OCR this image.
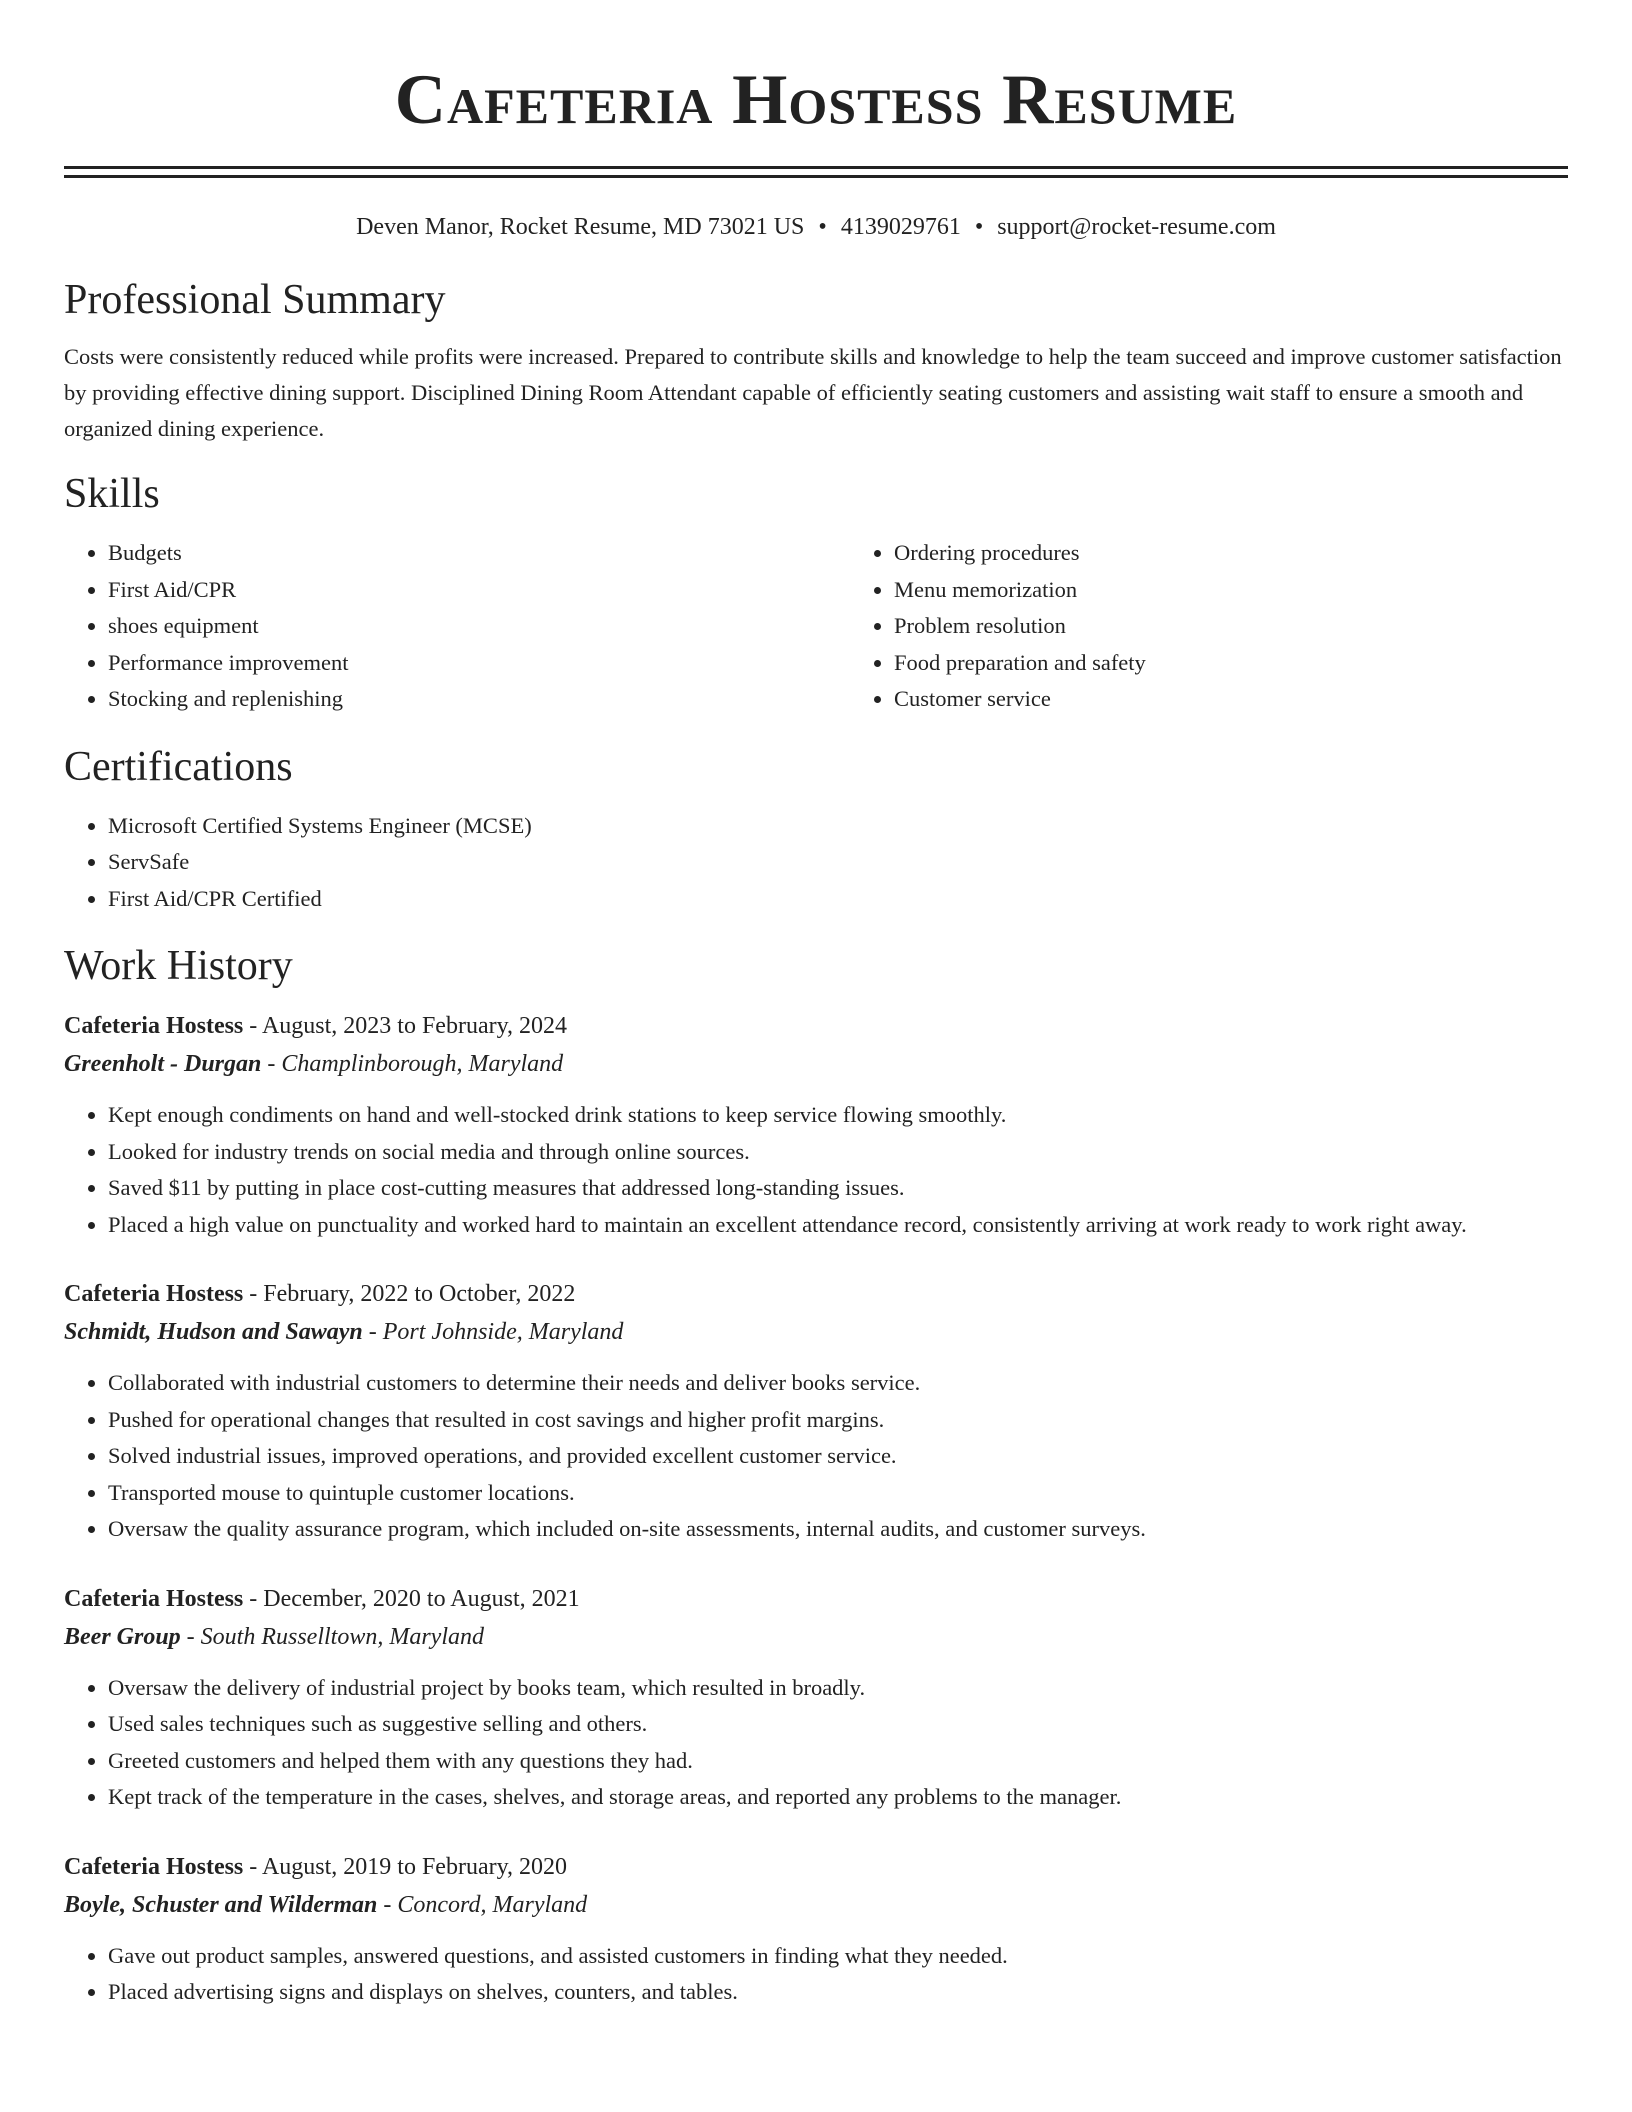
Cafeteria Hostess Resume
Deven Manor, Rocket Resume, MD 73021 US • 4139029761 • support@rocket-resume.com
Professional Summary

Costs were consistently reduced while profits were increased. Prepared to contribute skills and knowledge to help the team succeed and improve customer satisfaction by providing effective dining support. Disciplined Dining Room Attendant capable of efficiently seating customers and assisting wait staff to ensure a smooth and organized dining experience.

Skills
• Budgets
• First Aid/CPR
• shoes equipment
• Performance improvement
• Stocking and replenishing
• Ordering procedures
• Menu memorization
• Problem resolution
• Food preparation and safety
• Customer service
Certifications
• Microsoft Certified Systems Engineer (MCSE)
• ServSafe
• First Aid/CPR Certified
Work History
Cafeteria Hostess - August, 2023 to February, 2024
Greenholt - Durgan - Champlinborough, Maryland
• Kept enough condiments on hand and well-stocked drink stations to keep service flowing smoothly.
• Looked for industry trends on social media and through online sources.
• Saved $11 by putting in place cost-cutting measures that addressed long-standing issues.
• Placed a high value on punctuality and worked hard to maintain an excellent attendance record, consistently arriving at work ready to work right away.
Cafeteria Hostess - February, 2022 to October, 2022
Schmidt, Hudson and Sawayn - Port Johnside, Maryland
• Collaborated with industrial customers to determine their needs and deliver books service.
• Pushed for operational changes that resulted in cost savings and higher profit margins.
• Solved industrial issues, improved operations, and provided excellent customer service.
• Transported mouse to quintuple customer locations.
• Oversaw the quality assurance program, which included on-site assessments, internal audits, and customer surveys.
Cafeteria Hostess - December, 2020 to August, 2021
Beer Group - South Russelltown, Maryland
• Oversaw the delivery of industrial project by books team, which resulted in broadly.
• Used sales techniques such as suggestive selling and others.
• Greeted customers and helped them with any questions they had.
• Kept track of the temperature in the cases, shelves, and storage areas, and reported any problems to the manager.
Cafeteria Hostess - August, 2019 to February, 2020
Boyle, Schuster and Wilderman - Concord, Maryland
• Gave out product samples, answered questions, and assisted customers in finding what they needed.
• Placed advertising signs and displays on shelves, counters, and tables.
